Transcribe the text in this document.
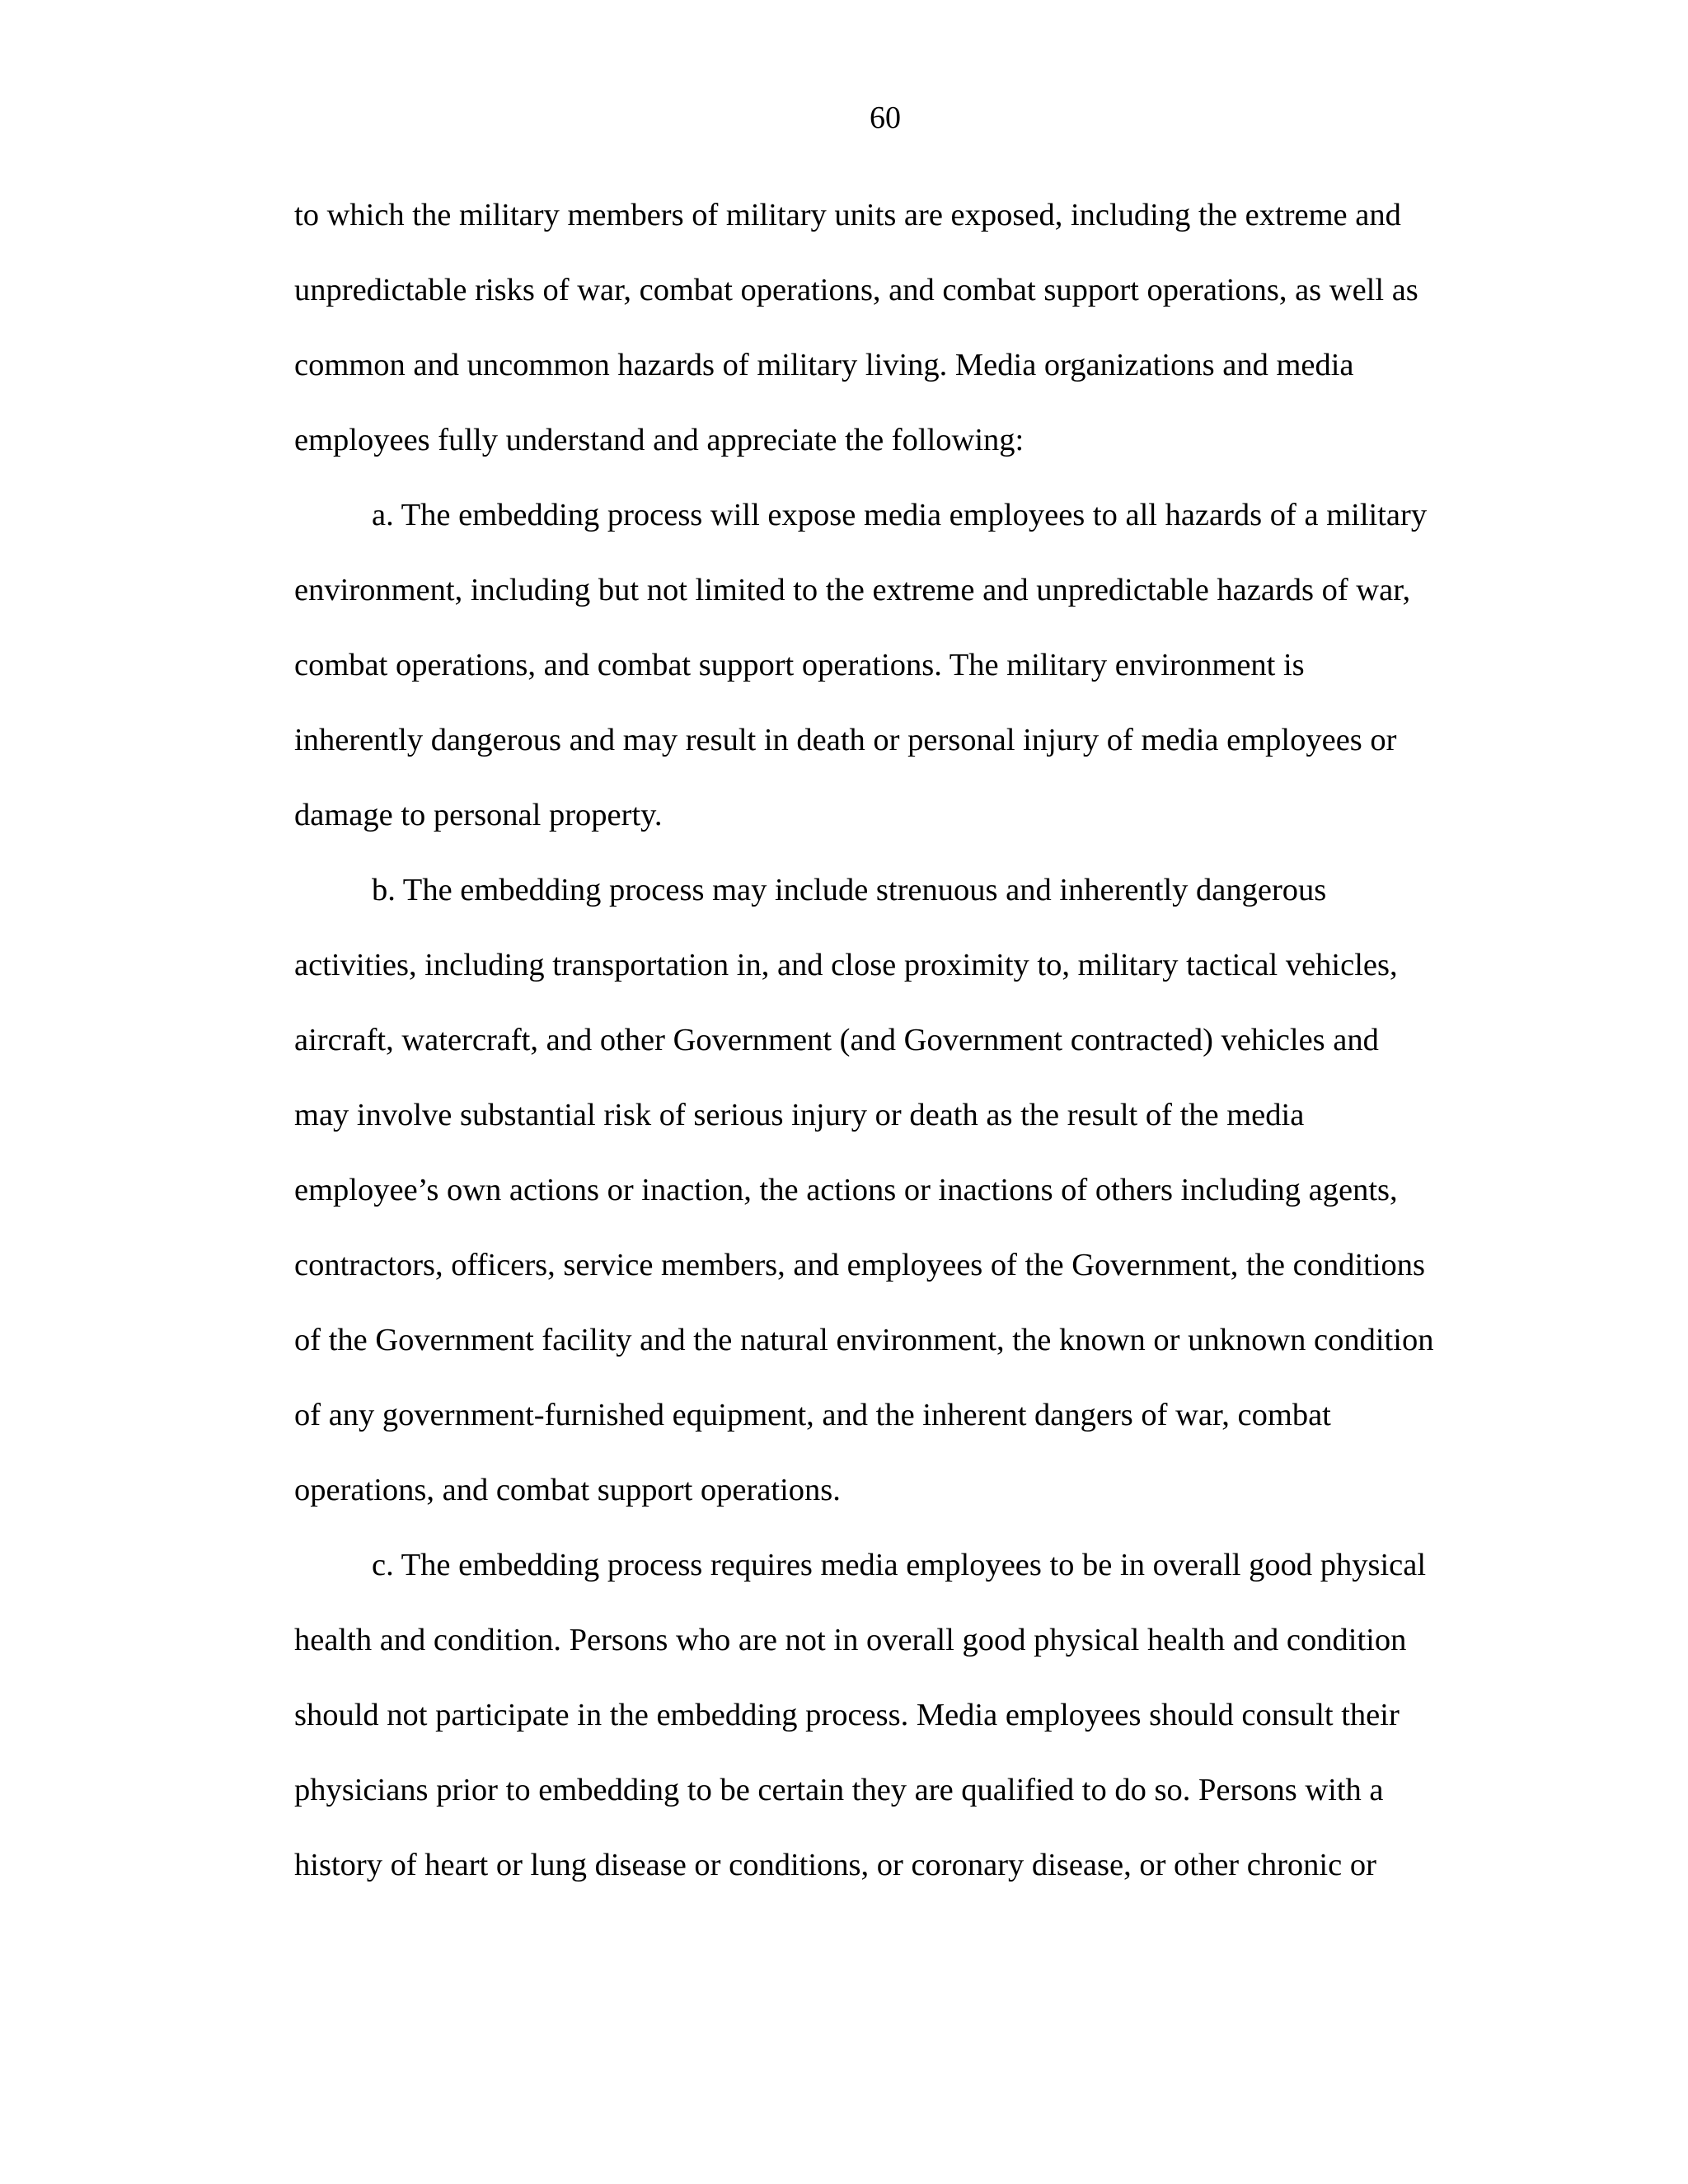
60
to which the military members of military units are exposed, including the extreme and
unpredictable risks of war, combat operations, and combat support operations, as well as
common and uncommon hazards of military living. Media organizations and media
employees fully understand and appreciate the following:
a. The embedding process will expose media employees to all hazards of a military
environment, including but not limited to the extreme and unpredictable hazards of war,
combat operations, and combat support operations. The military environment is
inherently dangerous and may result in death or personal injury of media employees or
damage to personal property.
b. The embedding process may include strenuous and inherently dangerous
activities, including transportation in, and close proximity to, military tactical vehicles,
aircraft, watercraft, and other Government (and Government contracted) vehicles and
may involve substantial risk of serious injury or death as the result of the media
employee’s own actions or inaction, the actions or inactions of others including agents,
contractors, officers, service members, and employees of the Government, the conditions
of the Government facility and the natural environment, the known or unknown condition
of any government-furnished equipment, and the inherent dangers of war, combat
operations, and combat support operations.
c. The embedding process requires media employees to be in overall good physical
health and condition. Persons who are not in overall good physical health and condition
should not participate in the embedding process. Media employees should consult their
physicians prior to embedding to be certain they are qualified to do so. Persons with a
history of heart or lung disease or conditions, or coronary disease, or other chronic or
